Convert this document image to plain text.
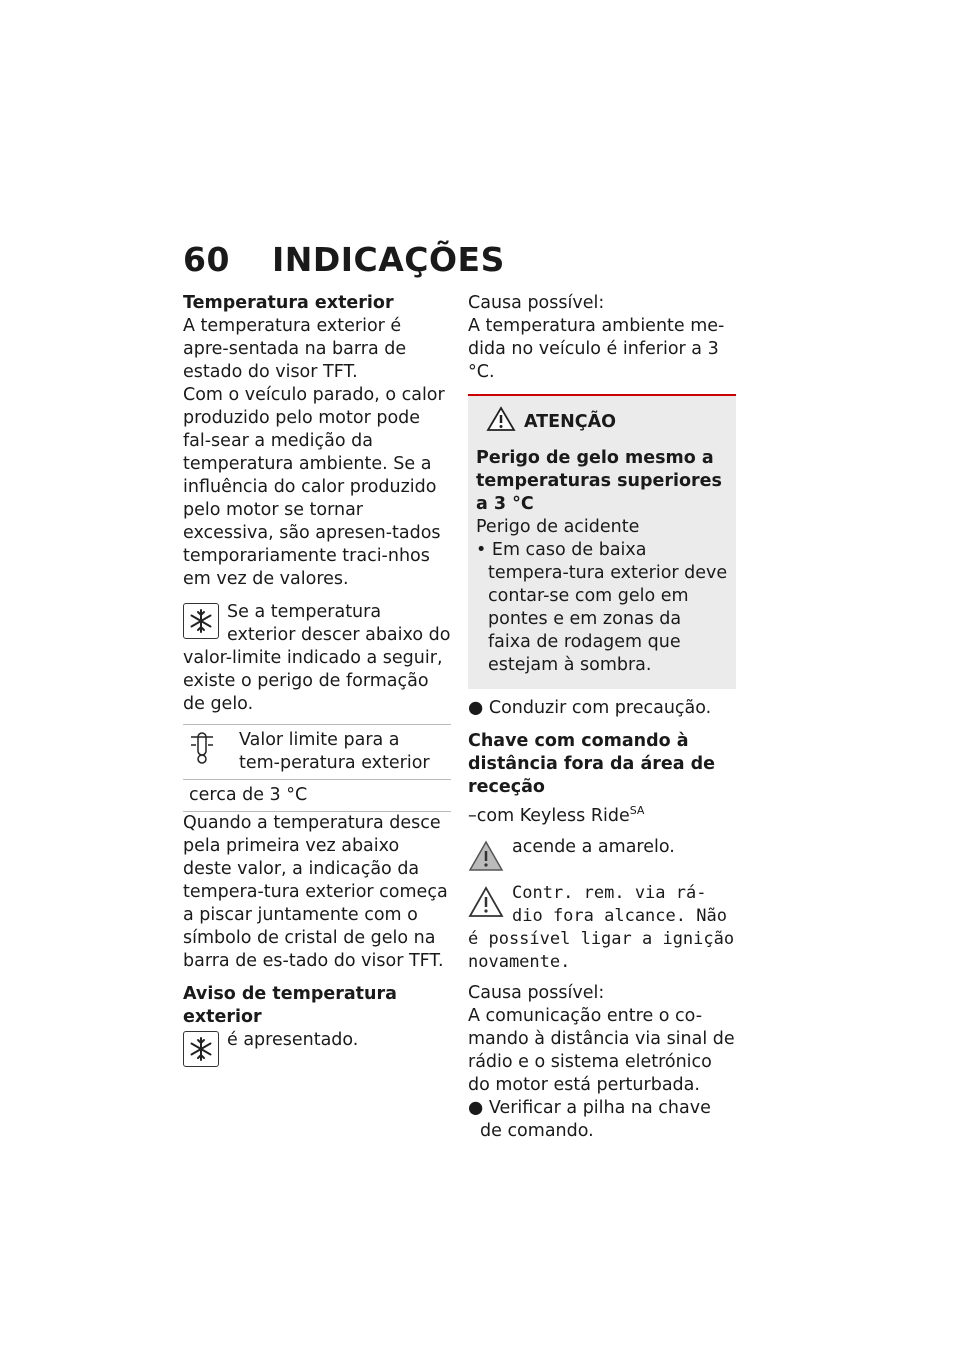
60 INDICAÇÕES

Temperatura exterior

A temperatura exterior é apre-sentada na barra de estado do visor TFT.

Com o veículo parado, o calor produzido pelo motor pode fal-sear a medição da temperatura ambiente. Se a influência do calor produzido pelo motor se tornar excessiva, são apresen-tados temporariamente traci-nhos em vez de valores.

Se a temperatura exterior descer abaixo do valor-limite indicado a seguir, existe o perigo de formação de gelo.

	Valor limite para a tem-peratura exterior
cerca de 3 °C

Quando a temperatura desce pela primeira vez abaixo deste valor, a indicação da tempera-tura exterior começa a piscar juntamente com o símbolo de cristal de gelo na barra de es-tado do visor TFT.

Aviso de temperatura exterior

é apresentado.

Causa possível:

A temperatura ambiente me-dida no veículo é inferior a 3 °C.

ATENÇÃO

Perigo de gelo mesmo a temperaturas superiores a 3 °C

Perigo de acidente

• Em caso de baixa tempera-tura exterior deve contar-se com gelo em pontes e em zonas da faixa de rodagem que estejam à sombra.

● Conduzir com precaução.

Chave com comando à distância fora da área de receção

–com Keyless Ride$^{SA}$

acende a amarelo.

Contr. rem. via rá-dio fora alcance. Não é possível ligar a ignição novamente.

Causa possível:

A comunicação entre o co-mando à distância via sinal de rádio e o sistema eletrónico do motor está perturbada.

● Verificar a pilha na chave de comando.
